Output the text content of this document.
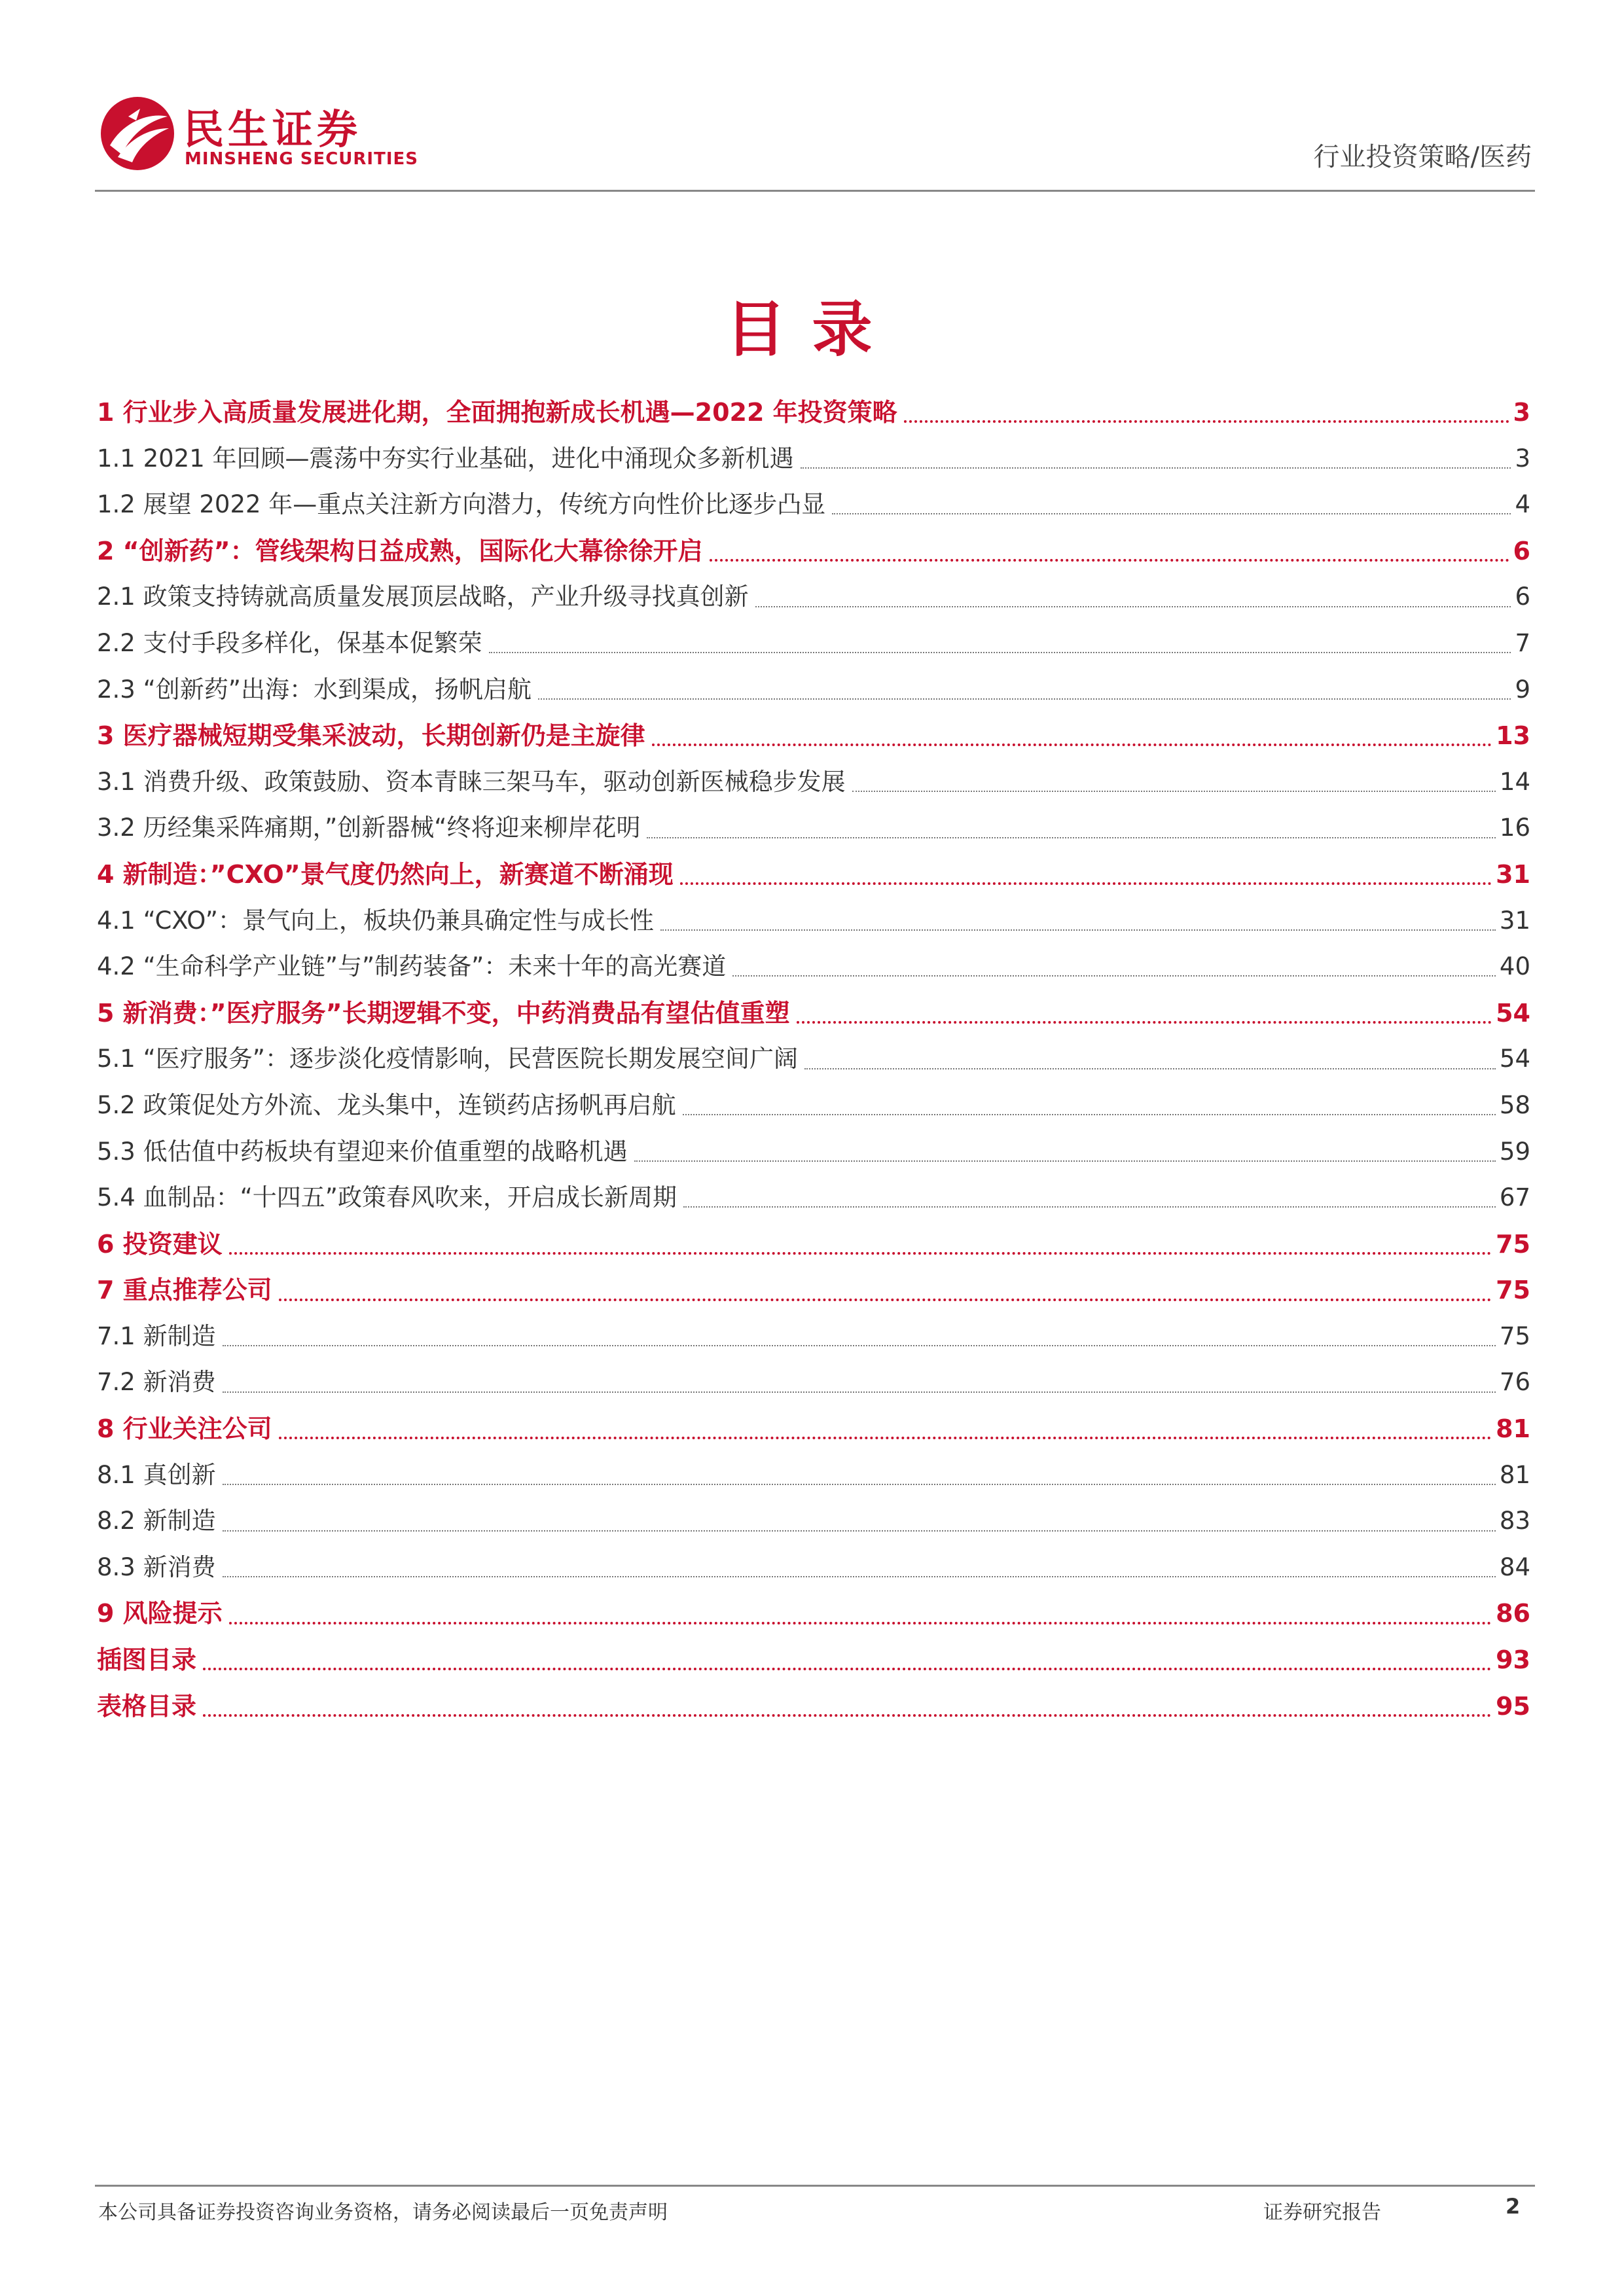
民生证券
MINSHENG SECURITIES	行业投资策略/医药
目录
1 行业步入高质量发展进化期，全面拥抱新成长机遇—2022 年投资策略	3
1.1 2021 年回顾—震荡中夯实行业基础，进化中涌现众多新机遇	3
1.2 展望 2022 年—重点关注新方向潜力，传统方向性价比逐步凸显	4
2 “创新药”：管线架构日益成熟，国际化大幕徐徐开启	6
2.1 政策支持铸就高质量发展顶层战略，产业升级寻找真创新	6
2.2 支付手段多样化，保基本促繁荣	7
2.3 “创新药”出海：水到渠成，扬帆启航	9
3 医疗器械短期受集采波动，长期创新仍是主旋律	13
3.1 消费升级、政策鼓励、资本青睐三架马车，驱动创新医械稳步发展	14
3.2 历经集采阵痛期，”创新器械“终将迎来柳岸花明	16
4 新制造：”CXO”景气度仍然向上，新赛道不断涌现	31
4.1 “CXO”：景气向上，板块仍兼具确定性与成长性	31
4.2 “生命科学产业链”与”制药装备”：未来十年的高光赛道	40
5 新消费：”医疗服务”长期逻辑不变，中药消费品有望估值重塑	54
5.1 “医疗服务”：逐步淡化疫情影响，民营医院长期发展空间广阔	54
5.2 政策促处方外流、龙头集中，连锁药店扬帆再启航	58
5.3 低估值中药板块有望迎来价值重塑的战略机遇	59
5.4 血制品：“十四五”政策春风吹来，开启成长新周期	67
6 投资建议	75
7 重点推荐公司	75
7.1 新制造	75
7.2 新消费	76
8 行业关注公司	81
8.1 真创新	81
8.2 新制造	83
8.3 新消费	84
9 风险提示	86
插图目录	93
表格目录	95
本公司具备证券投资咨询业务资格，请务必阅读最后一页免责声明	证券研究报告	2
